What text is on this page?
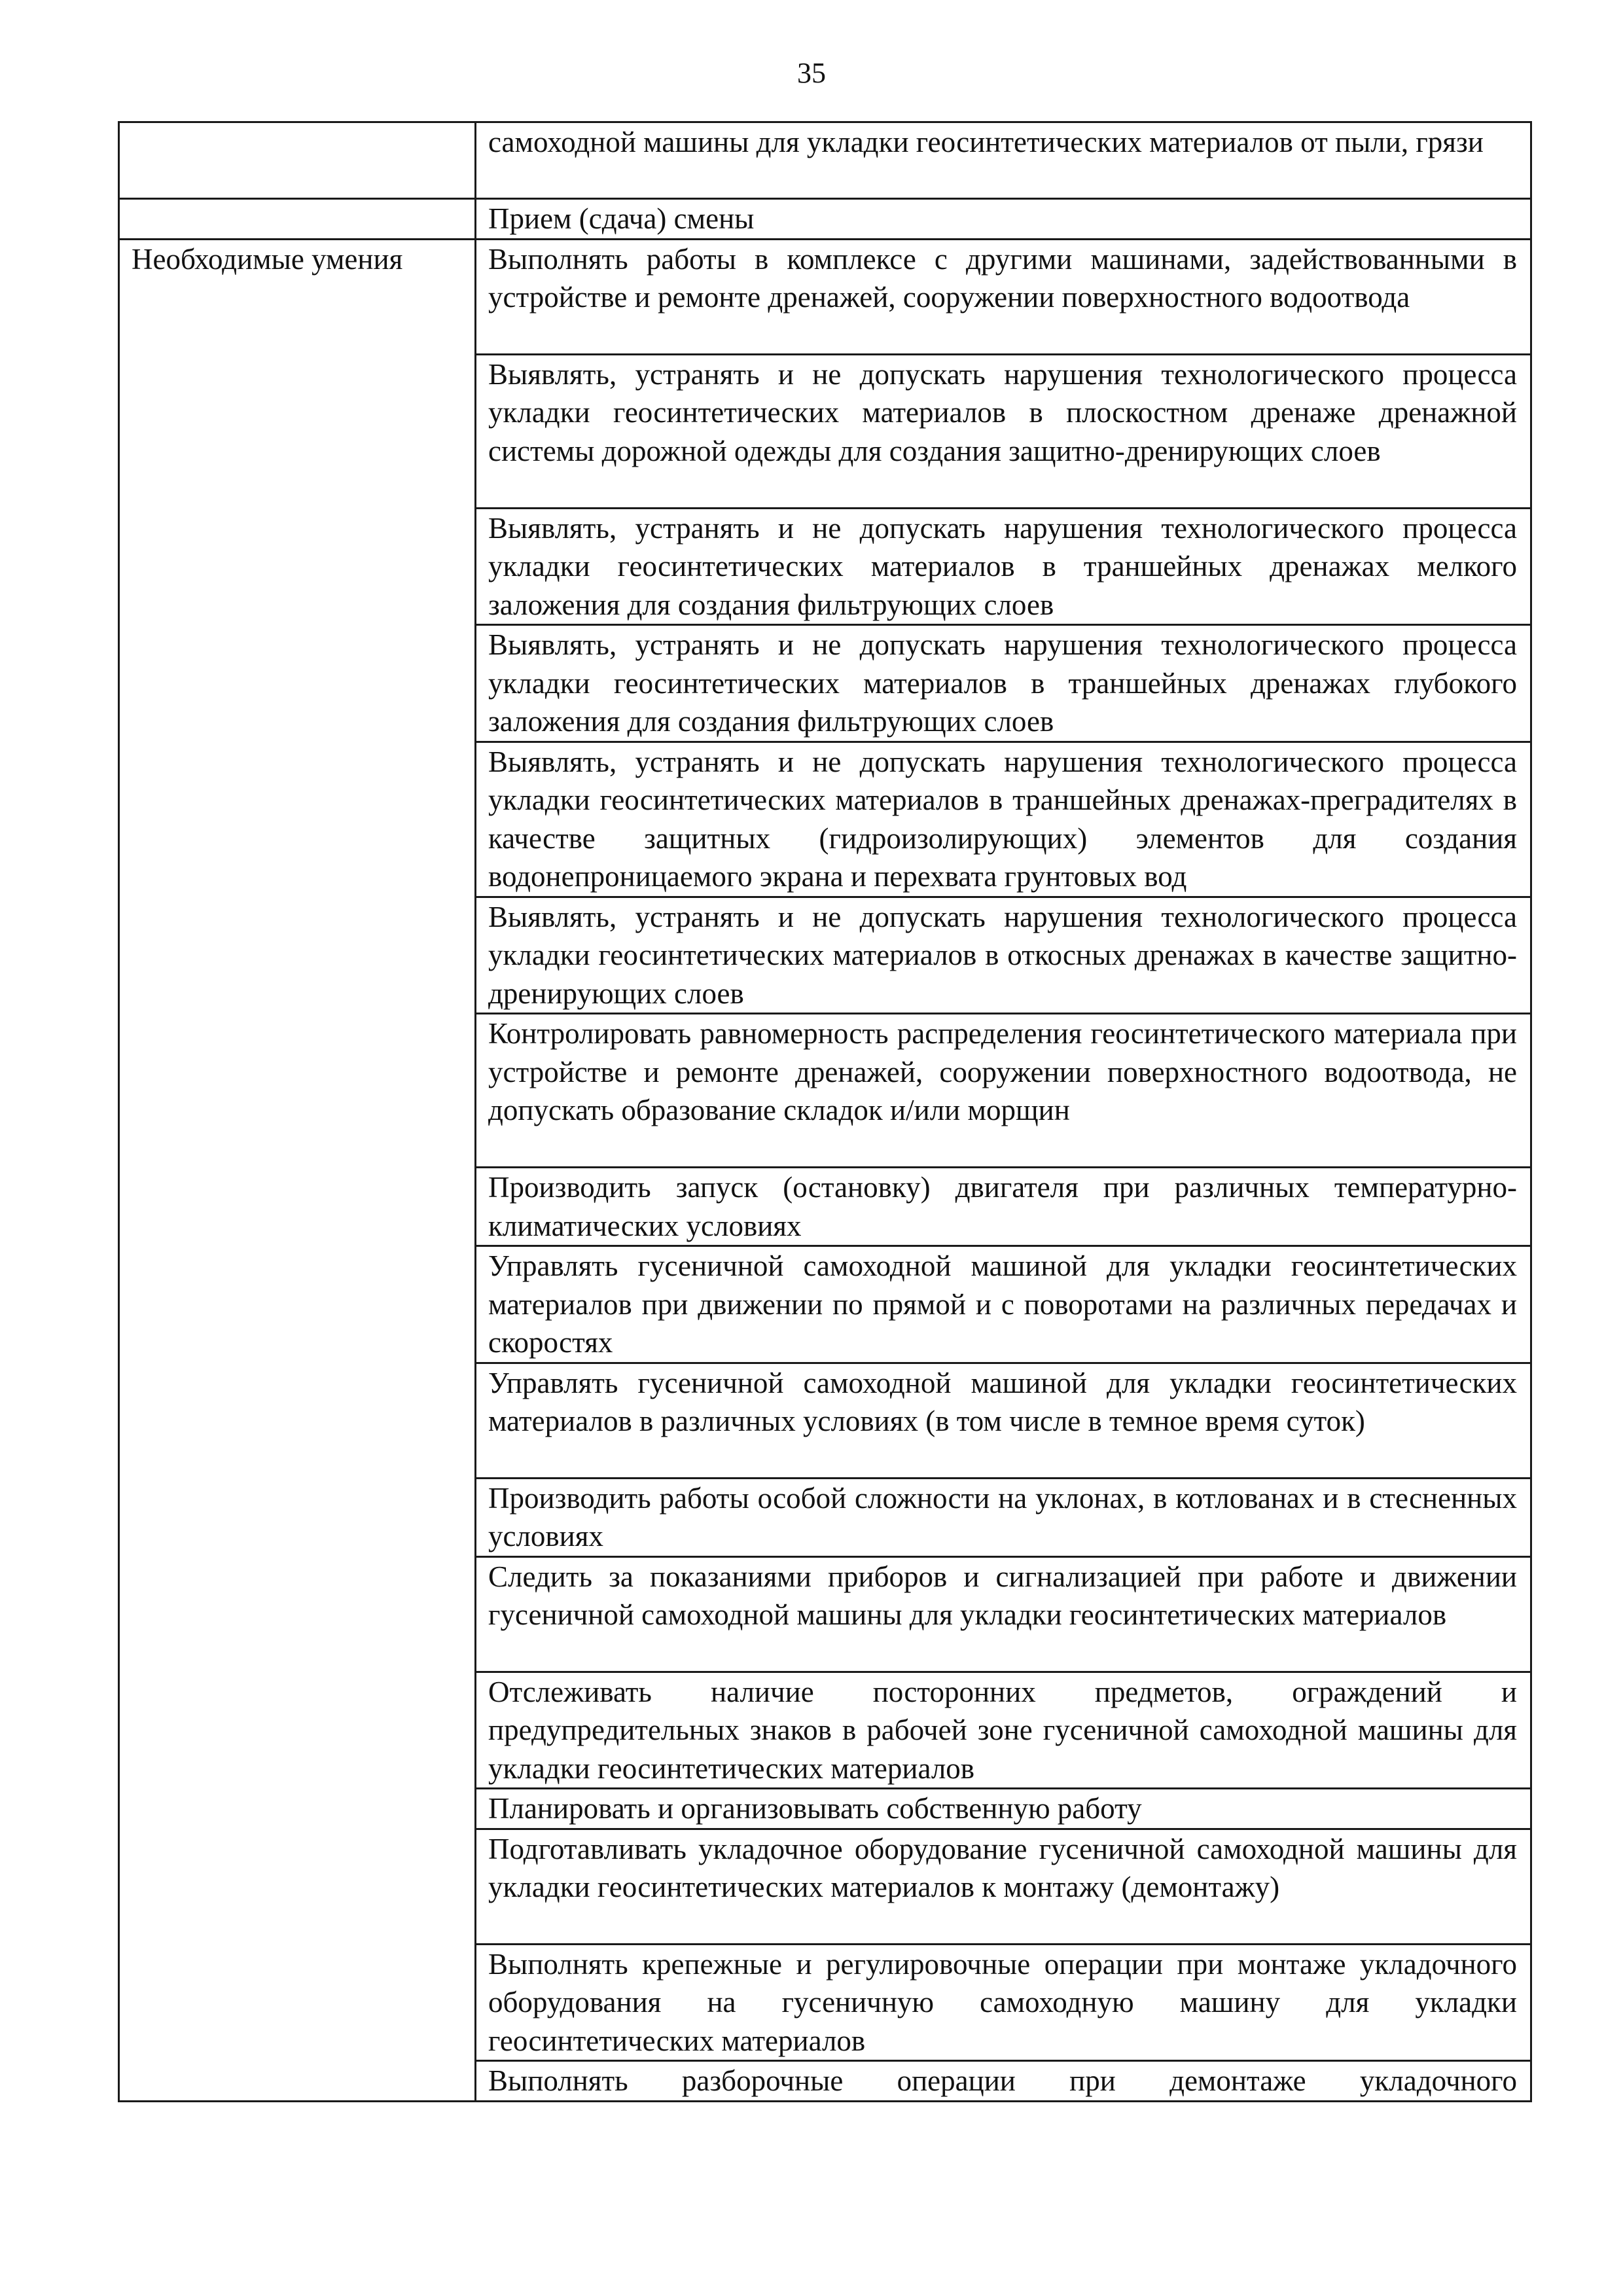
35
	самоходной машины для укладки геосинтетических материалов от пыли, грязи
	Прием (сдача) смены
Необходимые умения	Выполнять работы в комплексе с другими машинами, задействованными в устройстве и ремонте дренажей, сооружении поверхностного водоотвода
	Выявлять, устранять и не допускать нарушения технологического процесса укладки геосинтетических материалов в плоскостном дренаже дренажной системы дорожной одежды для создания защитно-дренирующих слоев
	Выявлять, устранять и не допускать нарушения технологического процесса укладки геосинтетических материалов в траншейных дренажах мелкого заложения для создания фильтрующих слоев
	Выявлять, устранять и не допускать нарушения технологического процесса укладки геосинтетических материалов в траншейных дренажах глубокого заложения для создания фильтрующих слоев
	Выявлять, устранять и не допускать нарушения технологического процесса укладки геосинтетических материалов в траншейных дренажах-преградителях в качестве защитных (гидроизолирующих) элементов для создания водонепроницаемого экрана и перехвата грунтовых вод
	Выявлять, устранять и не допускать нарушения технологического процесса укладки геосинтетических материалов в откосных дренажах в качестве защитно-дренирующих слоев
	Контролировать равномерность распределения геосинтетического материала при устройстве и ремонте дренажей, сооружении поверхностного водоотвода, не допускать образование складок и/или морщин
	Производить запуск (остановку) двигателя при различных температурно-климатических условиях
	Управлять гусеничной самоходной машиной для укладки геосинтетических материалов при движении по прямой и с поворотами на различных передачах и скоростях
	Управлять гусеничной самоходной машиной для укладки геосинтетических материалов в различных условиях (в том числе в темное время суток)
	Производить работы особой сложности на уклонах, в котлованах и в стесненных условиях
	Следить за показаниями приборов и сигнализацией при работе и движении гусеничной самоходной машины для укладки геосинтетических материалов
	Отслеживать наличие посторонних предметов, ограждений и предупредительных знаков в рабочей зоне гусеничной самоходной машины для укладки геосинтетических материалов
	Планировать и организовывать собственную работу
	Подготавливать укладочное оборудование гусеничной самоходной машины для укладки геосинтетических материалов к монтажу (демонтажу)
	Выполнять крепежные и регулировочные операции при монтаже укладочного оборудования на гусеничную самоходную машину для укладки геосинтетических материалов
	Выполнять разборочные операции при демонтаже укладочного
